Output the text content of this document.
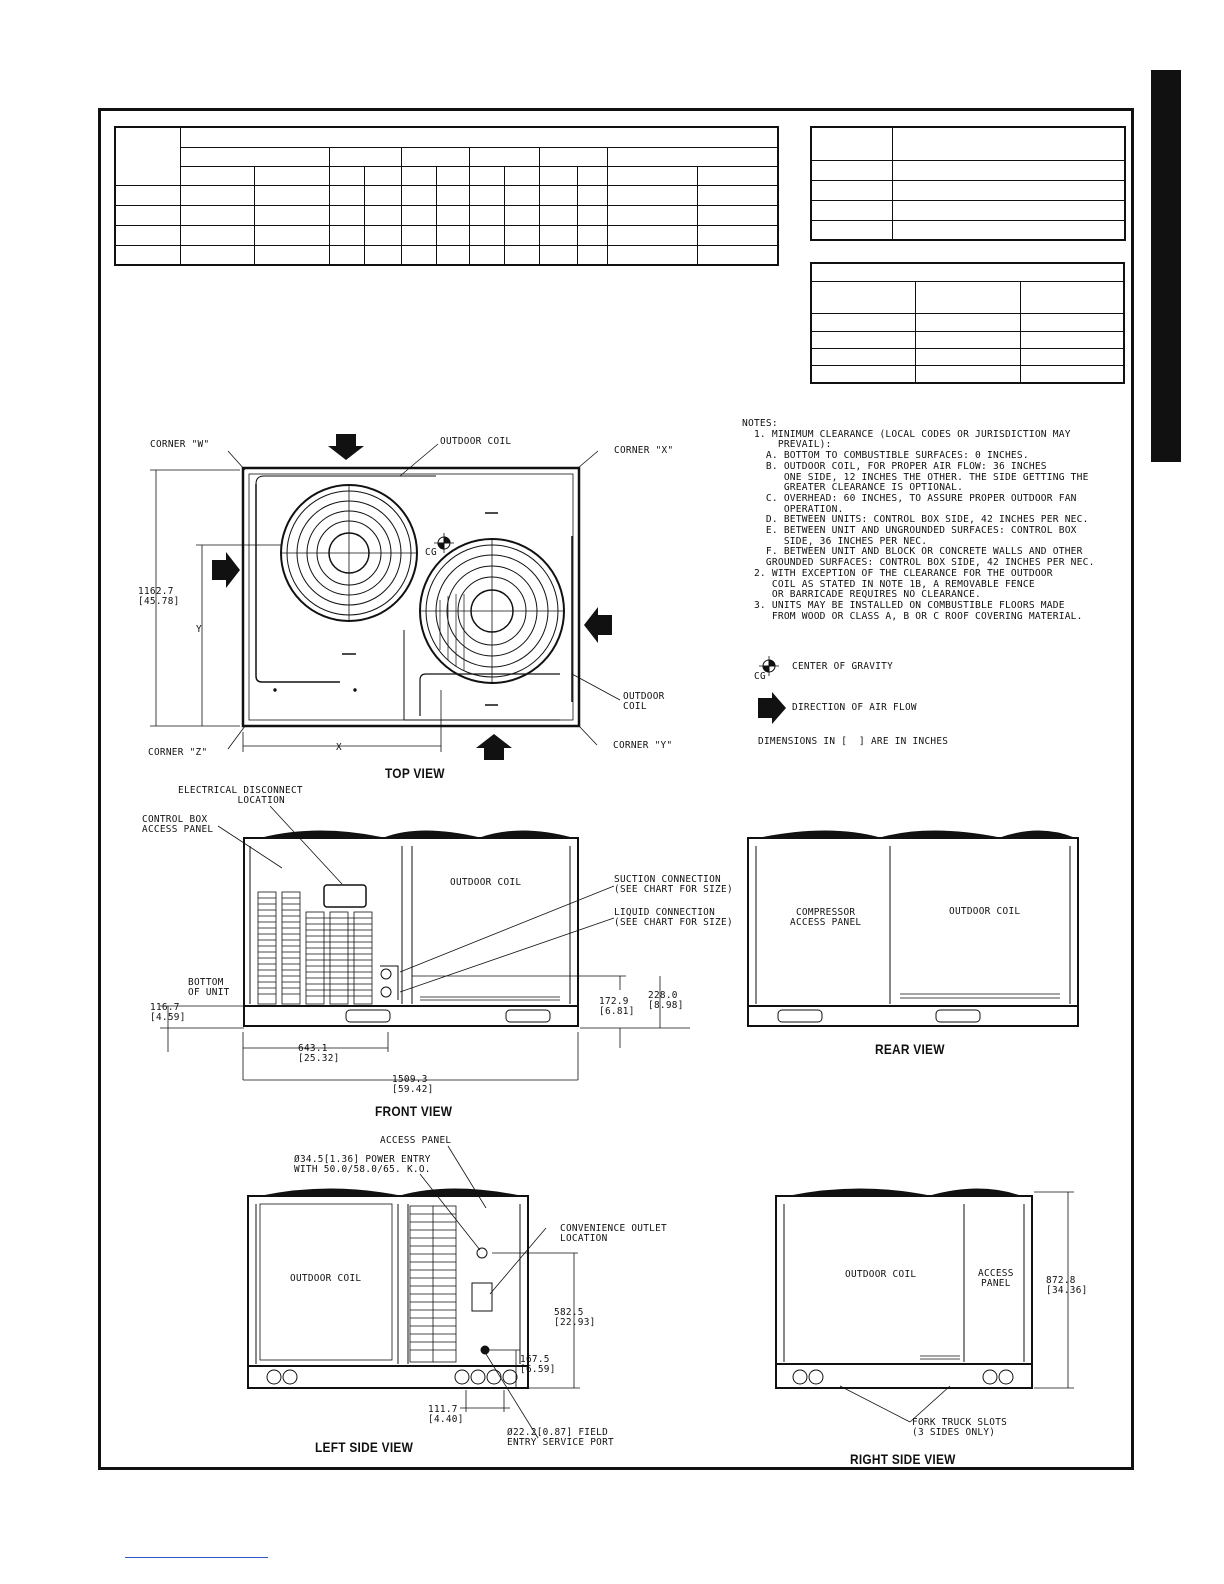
NOTES:
1. MINIMUM CLEARANCE (LOCAL CODES OR JURISDICTION MAY
PREVAIL):
A. BOTTOM TO COMBUSTIBLE SURFACES: 0 INCHES.
B. OUTDOOR COIL, FOR PROPER AIR FLOW: 36 INCHES
ONE SIDE, 12 INCHES THE OTHER. THE SIDE GETTING THE
GREATER CLEARANCE IS OPTIONAL.
C. OVERHEAD: 60 INCHES, TO ASSURE PROPER OUTDOOR FAN
OPERATION.
D. BETWEEN UNITS: CONTROL BOX SIDE, 42 INCHES PER NEC.
E. BETWEEN UNIT AND UNGROUNDED SURFACES: CONTROL BOX
SIDE, 36 INCHES PER NEC.
F. BETWEEN UNIT AND BLOCK OR CONCRETE WALLS AND OTHER
GROUNDED SURFACES: CONTROL BOX SIDE, 42 INCHES PER NEC.
2. WITH EXCEPTION OF THE CLEARANCE FOR THE OUTDOOR
COIL AS STATED IN NOTE 1B, A REMOVABLE FENCE
OR BARRICADE REQUIRES NO CLEARANCE.
3. UNITS MAY BE INSTALLED ON COMBUSTIBLE FLOORS MADE
FROM WOOD OR CLASS A, B OR C ROOF COVERING MATERIAL.
CG
CENTER OF GRAVITY
DIRECTION OF AIR FLOW
DIMENSIONS IN [  ] ARE IN INCHES
CORNER "W"
CORNER "X"
CORNER "Z"
CORNER "Y"
OUTDOOR COIL
OUTDOOR
COIL
CG
1162.7
[45.78]
Y
X
TOP VIEW
ELECTRICAL DISCONNECT
LOCATION
CONTROL BOX
ACCESS PANEL
OUTDOOR COIL	SUCTION CONNECTION
(SEE CHART FOR SIZE)
LIQUID CONNECTION
(SEE CHART FOR SIZE)
BOTTOM
OF UNIT
116.7
[4.59]
172.9
[6.81]
228.0
[8.98]
643.1
[25.32]
1509.3
[59.42]
FRONT VIEW
COMPRESSOR
ACCESS PANEL
OUTDOOR COIL
REAR VIEW
ACCESS PANEL
Ø34.5[1.36] POWER ENTRY
WITH 50.0/58.0/65. K.O.
CONVENIENCE OUTLET
LOCATION
OUTDOOR COIL
582.5
[22.93]
167.5
[6.59]
111.7
[4.40]
Ø22.2[0.87] FIELD
ENTRY SERVICE PORT
LEFT SIDE VIEW
OUTDOOR COIL	ACCESS
PANEL	872.8
[34.36]
FORK TRUCK SLOTS
(3 SIDES ONLY)
RIGHT SIDE VIEW
